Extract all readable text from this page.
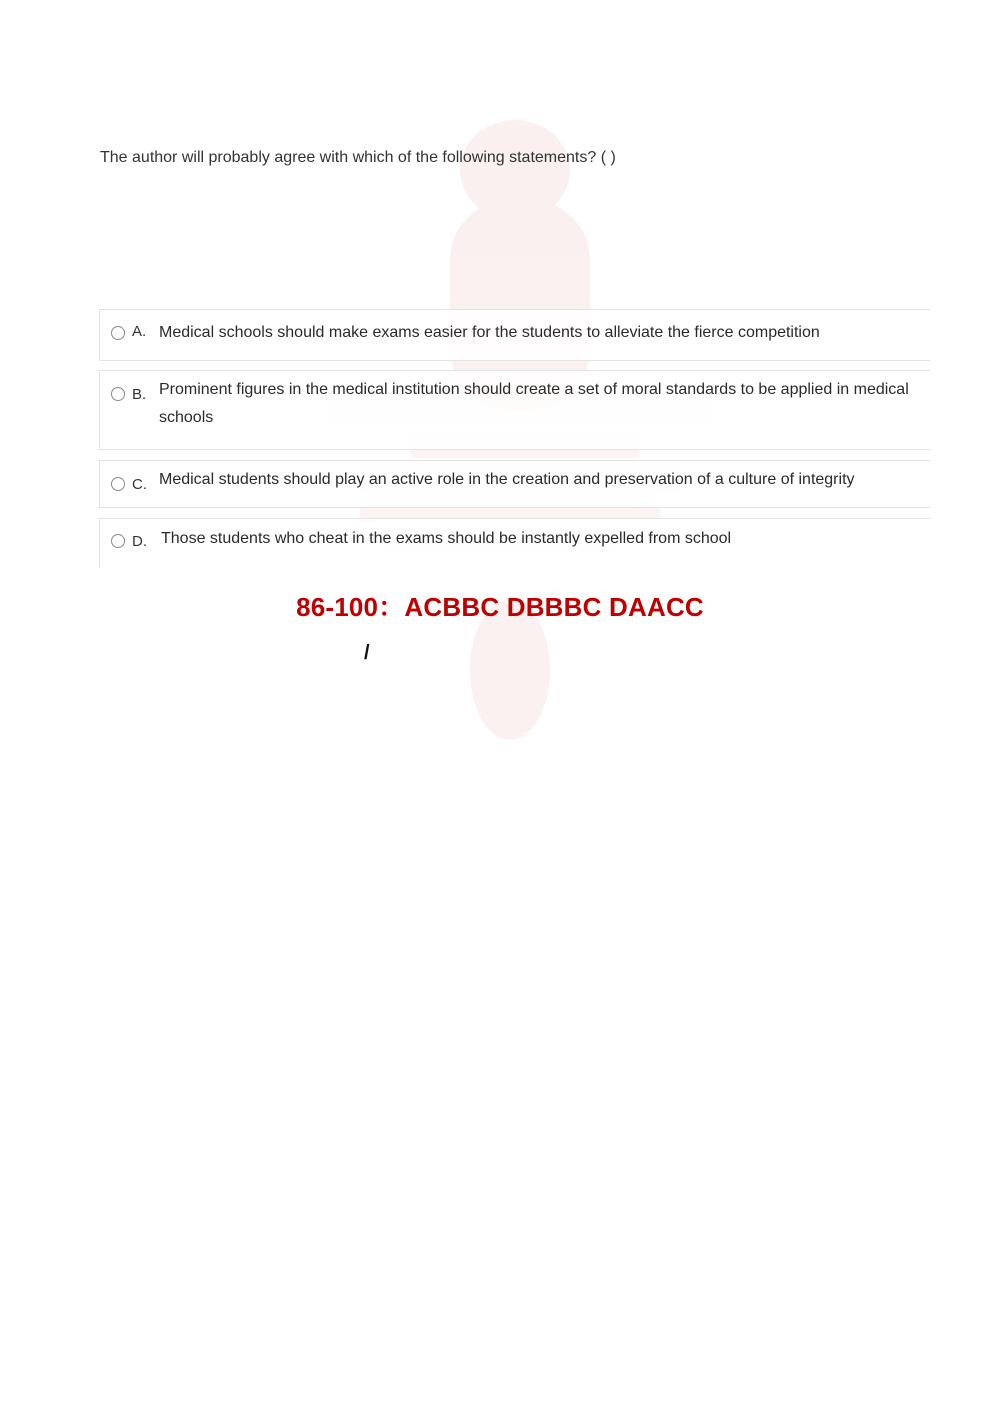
The author will probably agree with which of the following statements? ( )
A. Medical schools should make exams easier for the students to alleviate the fierce competition
B. Prominent figures in the medical institution should create a set of moral standards to be applied in medical schools
C. Medical students should play an active role in the creation and preservation of a culture of integrity
D. Those students who cheat in the exams should be instantly expelled from school
86-100：ACBBC DBBBC DAACC
/
